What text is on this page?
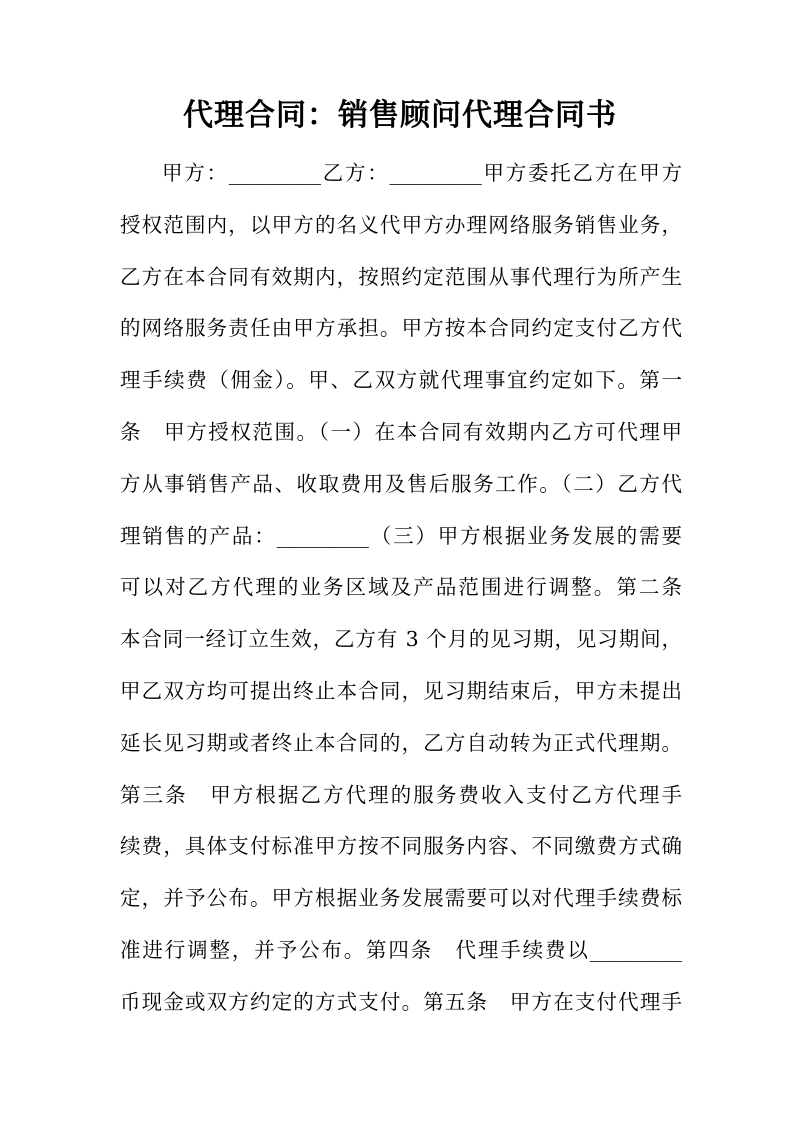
代理合同：销售顾问代理合同书
甲方：_________乙方：_________甲方委托乙方在甲方
授权范围内，以甲方的名义代甲方办理网络服务销售业务，
乙方在本合同有效期内，按照约定范围从事代理行为所产生
的网络服务责任由甲方承担。甲方按本合同约定支付乙方代
理手续费（佣金）。甲、乙双方就代理事宜约定如下。第一
条　甲方授权范围。（一）在本合同有效期内乙方可代理甲
方从事销售产品、收取费用及售后服务工作。（二）乙方代
理销售的产品：_________（三）甲方根据业务发展的需要
可以对乙方代理的业务区域及产品范围进行调整。第二条
本合同一经订立生效，乙方有 3 个月的见习期，见习期间，
甲乙双方均可提出终止本合同，见习期结束后，甲方未提出
延长见习期或者终止本合同的，乙方自动转为正式代理期。
第三条　甲方根据乙方代理的服务费收入支付乙方代理手
续费，具体支付标准甲方按不同服务内容、不同缴费方式确
定，并予公布。甲方根据业务发展需要可以对代理手续费标
准进行调整，并予公布。第四条　代理手续费以_________
币现金或双方约定的方式支付。第五条　甲方在支付代理手
